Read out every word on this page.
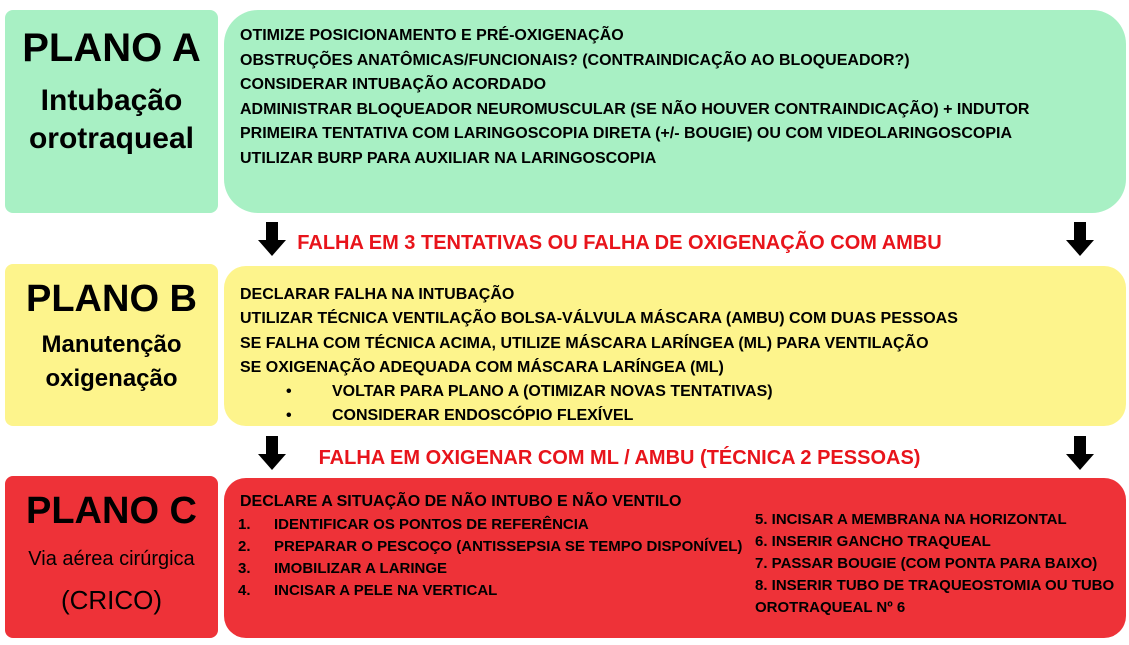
PLANO A
Intubação
orotraqueal
OTIMIZE POSICIONAMENTO E PRÉ-OXIGENAÇÃO
OBSTRUÇÕES ANATÔMICAS/FUNCIONAIS? (CONTRAINDICAÇÃO AO BLOQUEADOR?)
CONSIDERAR INTUBAÇÃO ACORDADO
ADMINISTRAR BLOQUEADOR NEUROMUSCULAR (SE NÃO HOUVER CONTRAINDICAÇÃO) + INDUTOR
PRIMEIRA TENTATIVA COM LARINGOSCOPIA DIRETA (+/- BOUGIE) OU COM VIDEOLARINGOSCOPIA
UTILIZAR BURP PARA AUXILIAR NA LARINGOSCOPIA
FALHA EM 3 TENTATIVAS OU FALHA DE OXIGENAÇÃO COM AMBU
PLANO B
Manutenção
oxigenação
DECLARAR FALHA NA INTUBAÇÃO
UTILIZAR TÉCNICA VENTILAÇÃO BOLSA-VÁLVULA MÁSCARA (AMBU) COM DUAS PESSOAS
SE FALHA COM TÉCNICA ACIMA, UTILIZE MÁSCARA LARÍNGEA (ML) PARA VENTILAÇÃO
SE OXIGENAÇÃO ADEQUADA COM MÁSCARA LARÍNGEA (ML)
• VOLTAR PARA PLANO A (OTIMIZAR NOVAS TENTATIVAS)
• CONSIDERAR ENDOSCÓPIO FLEXÍVEL
FALHA EM OXIGENAR COM ML / AMBU (TÉCNICA 2 PESSOAS)
PLANO C
Via aérea cirúrgica
(CRICO)
DECLARE A SITUAÇÃO DE NÃO INTUBO E NÃO VENTILO
1.	IDENTIFICAR OS PONTOS DE REFERÊNCIA
2.	PREPARAR O PESCOÇO (ANTISSEPSIA SE TEMPO DISPONÍVEL)
3.	IMOBILIZAR A LARINGE
4.	INCISAR A PELE NA VERTICAL
5. INCISAR A MEMBRANA NA HORIZONTAL
6. INSERIR GANCHO TRAQUEAL
7. PASSAR BOUGIE (COM PONTA PARA BAIXO)
8. INSERIR TUBO DE TRAQUEOSTOMIA OU TUBO
OROTRAQUEAL Nº 6
